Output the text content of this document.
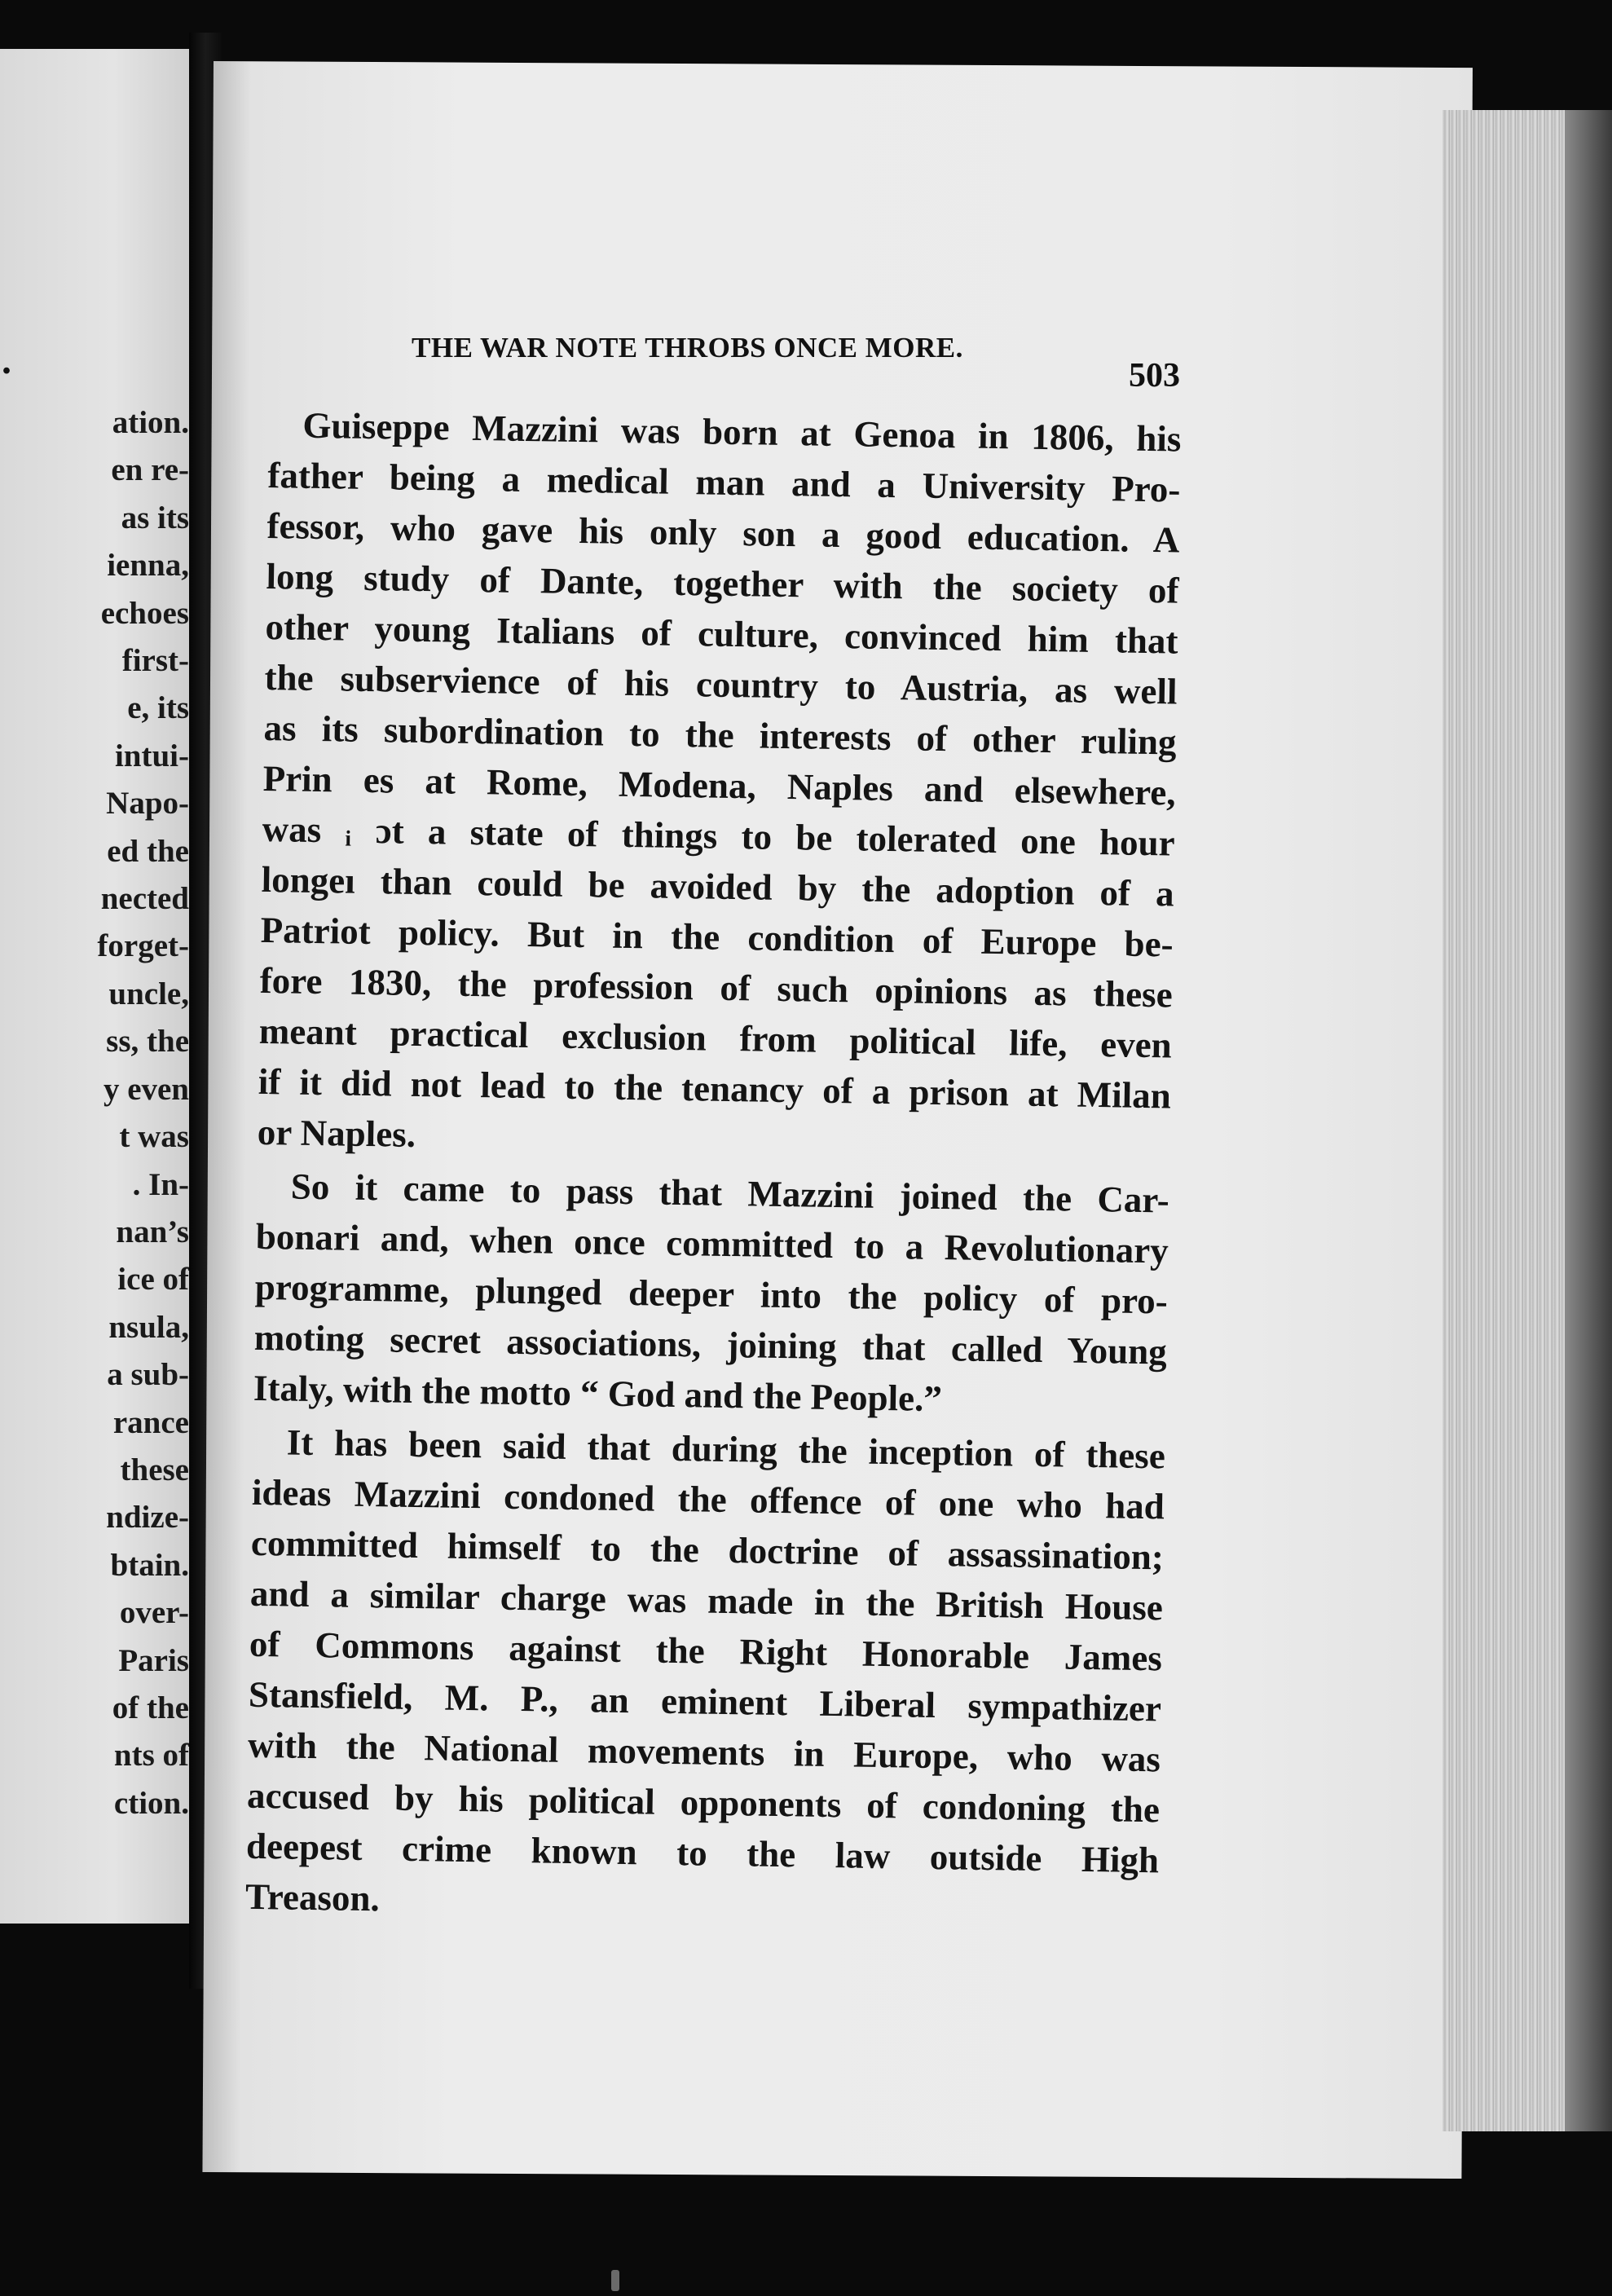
.
ation.
en re-
as its
ienna,
echoes
first-
e, its
intui-
Napo-
ed the
nected
forget-
uncle,
ss, the
y even
t was
. In-
nan’s
ice of
nsula,
a sub-
rance
these
ndize-
btain.
over-
Paris
of the
nts of
ction.
THE WAR NOTE THROBS ONCE MORE.
503
Guiseppe Mazzini was born at Genoa in 1806, his
father being a medical man and a University Pro-
fessor, who gave his only son a good education. A
long study of Dante, together with the society of
other young Italians of culture, convinced him that
the subservience of his country to Austria, as well
as its subordination to the interests of other ruling
Prin es at Rome, Modena, Naples and elsewhere,
was ᵢ ɔt a state of things to be tolerated one hour
longeı than could be avoided by the adoption of a
Patriot policy. But in the condition of Europe be-
fore 1830, the profession of such opinions as these
meant practical exclusion from political life, even
if it did not lead to the tenancy of a prison at Milan
or Naples.
So it came to pass that Mazzini joined the Car-
bonari and, when once committed to a Revolutionary
programme, plunged deeper into the policy of pro-
moting secret associations, joining that called Young
Italy, with the motto “ God and the People.”
It has been said that during the inception of these
ideas Mazzini condoned the offence of one who had
committed himself to the doctrine of assassination;
and a similar charge was made in the British House
of Commons against the Right Honorable James
Stansfield, M. P., an eminent Liberal sympathizer
with the National movements in Europe, who was
accused by his political opponents of condoning the
deepest crime known to the law outside High
Treason.
